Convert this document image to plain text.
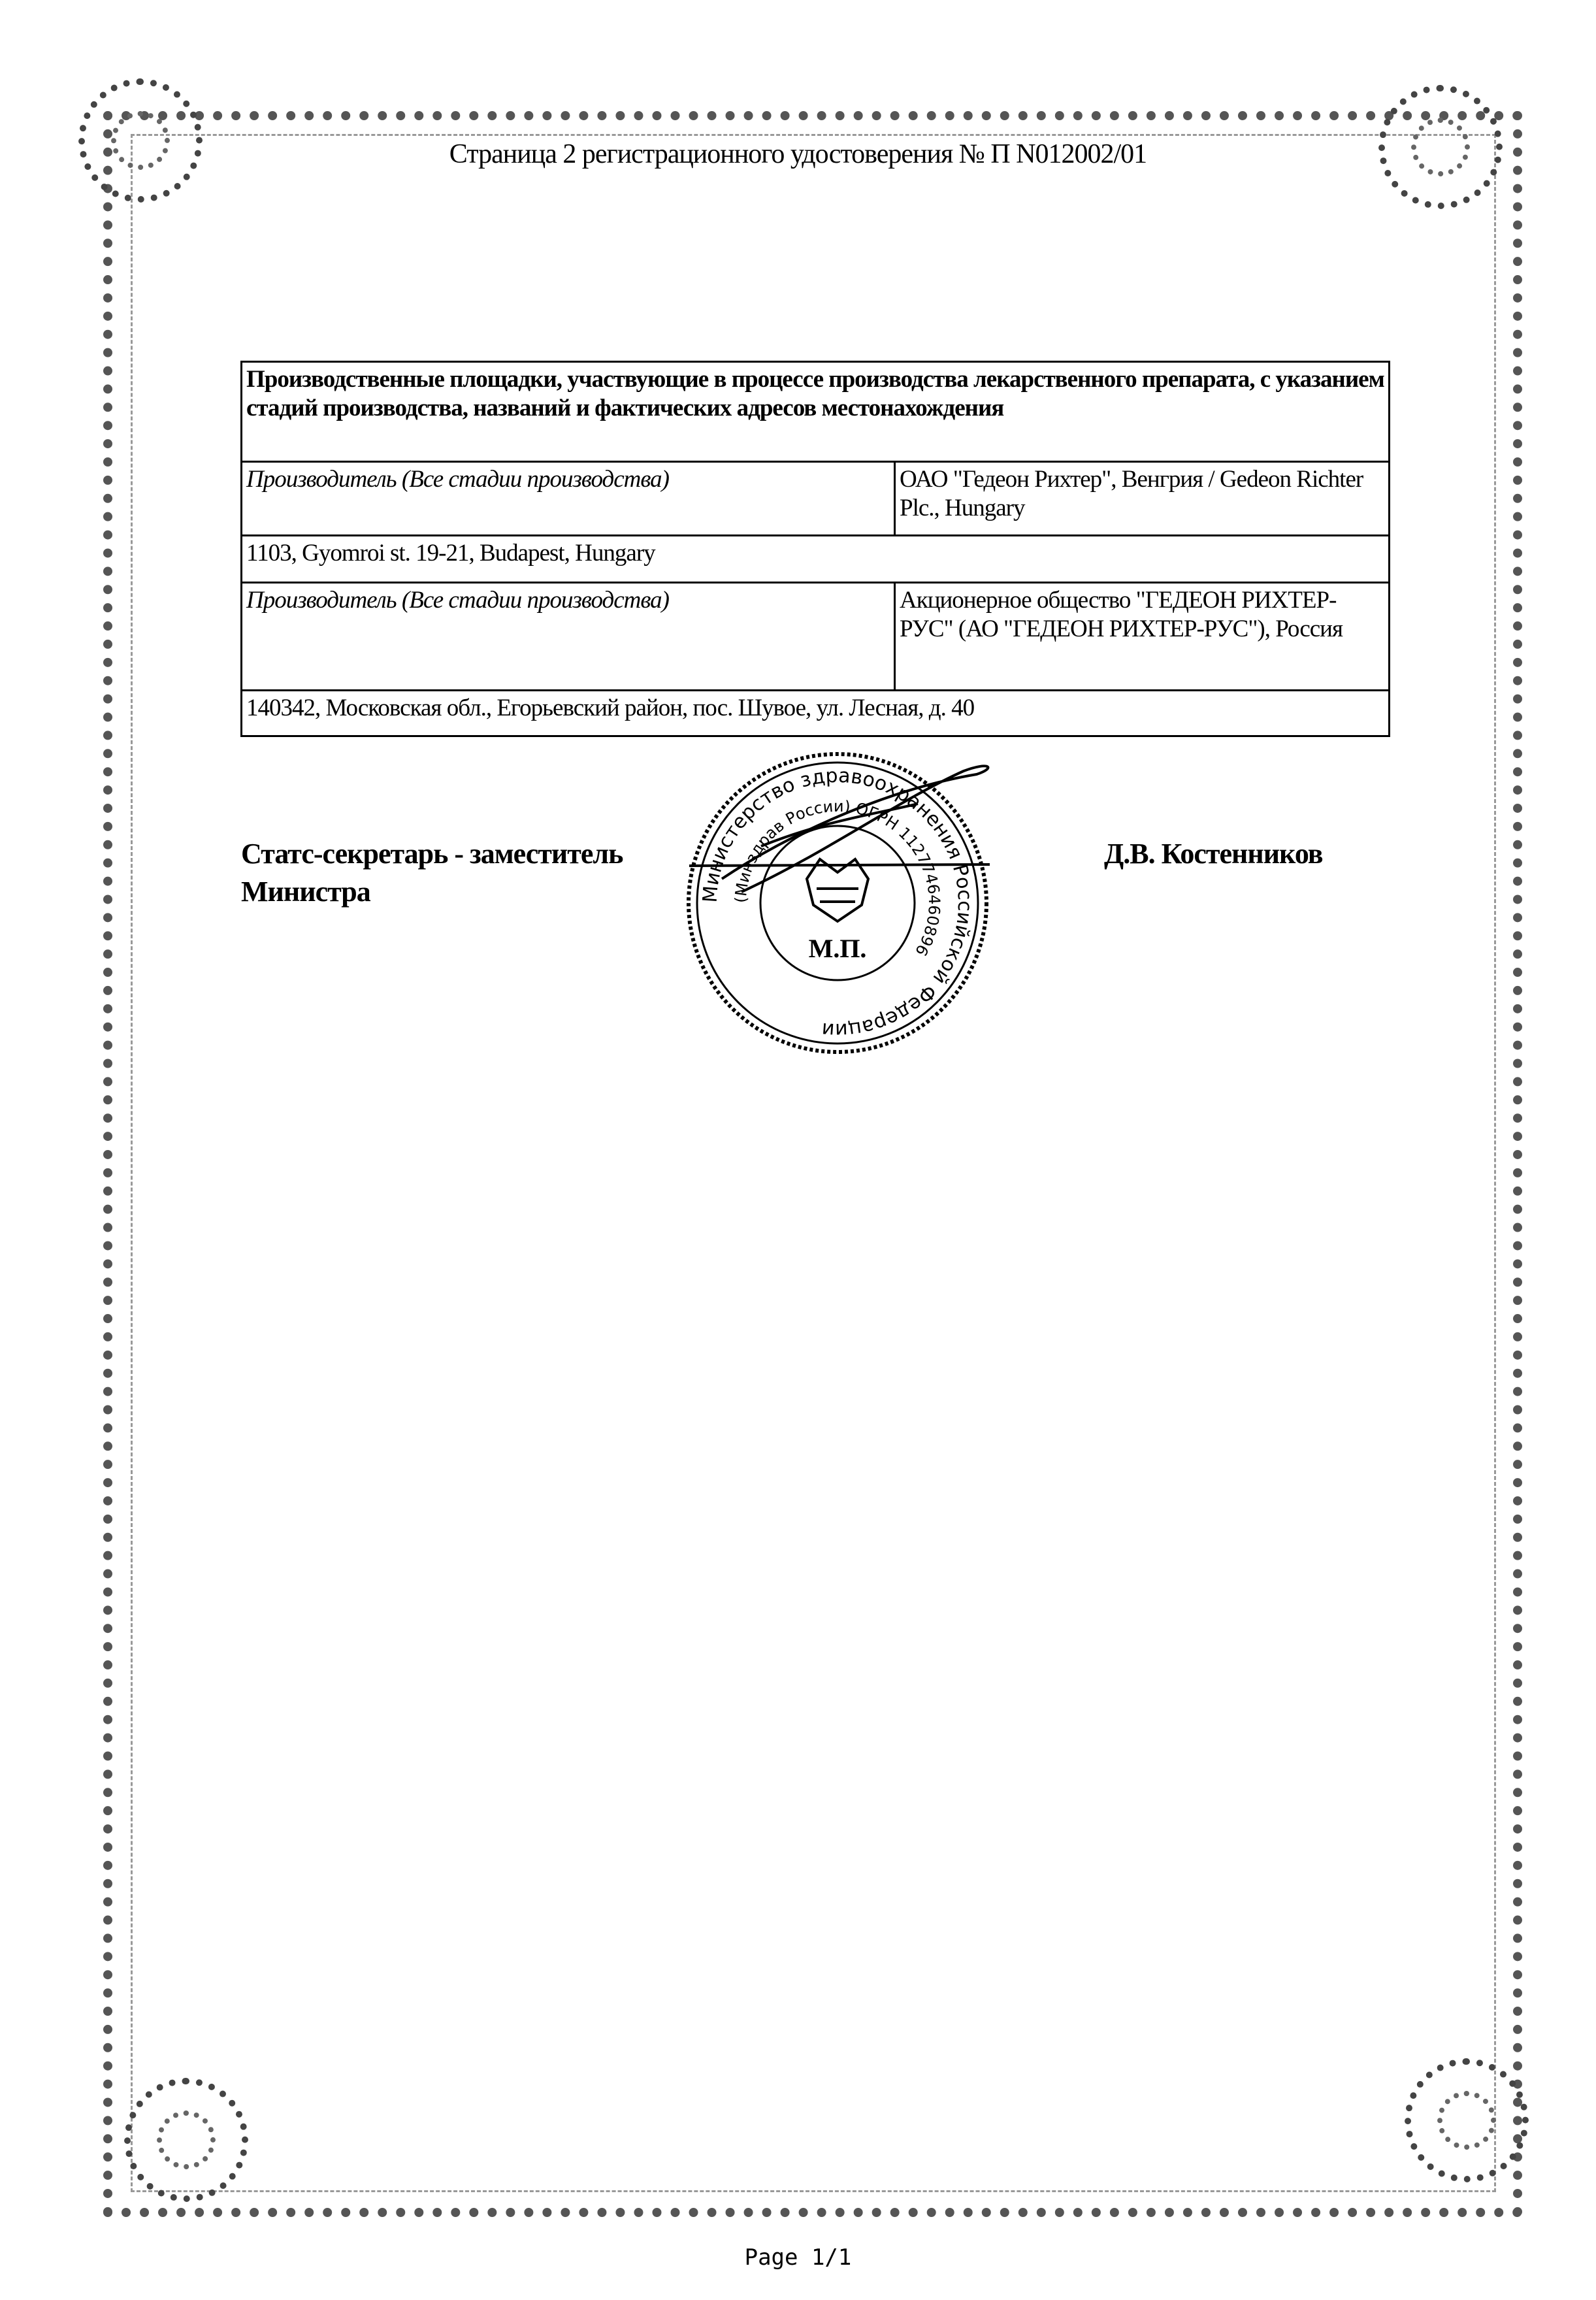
Страница 2 регистрационного удостоверения № П N012002/01
Производственные площадки, участвующие в процессе производства лекарственного препарата, с указанием стадий производства, названий и фактических адресов местонахождения	
Производитель (Все стадии производства)	ОАО "Гедеон Рихтер", Венгрия / Gedeon Richter Plc., Hungary
1103, Gyomroi st. 19-21, Budapest, Hungary	
Производитель (Все стадии производства)	Акционерное общество "ГЕДЕОН РИХТЕР-РУС" (АО "ГЕДЕОН РИХТЕР-РУС"), Россия
140342, Московская обл., Егорьевский район, пос. Шувое, ул. Лесная, д. 40	
Статс-секретарь - заместитель
Министра
Д.В. Костенников
Министерство здравоохранения Российской Федерации
(Минздрав России) ОГРН 1127746460896
М.П.
Page 1/1
